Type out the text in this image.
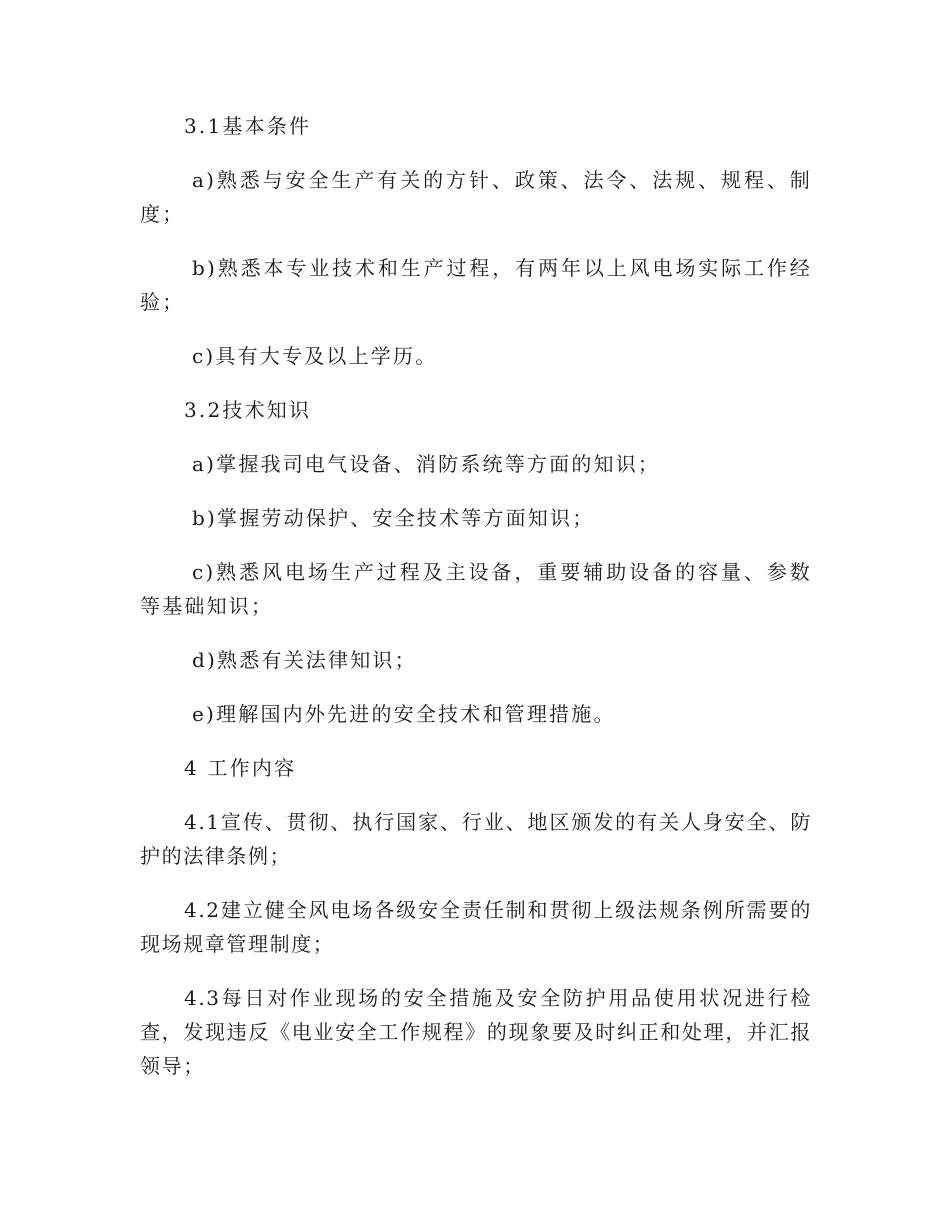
3.1基本条件

a)熟悉与安全生产有关的方针、政策、法令、法规、规程、制度；

b)熟悉本专业技术和生产过程，有两年以上风电场实际工作经验；

c)具有大专及以上学历。

3.2技术知识

a)掌握我司电气设备、消防系统等方面的知识；

b)掌握劳动保护、安全技术等方面知识；

c)熟悉风电场生产过程及主设备，重要辅助设备的容量、参数等基础知识；

d)熟悉有关法律知识；

e)理解国内外先进的安全技术和管理措施。

4 工作内容

4.1宣传、贯彻、执行国家、行业、地区颁发的有关人身安全、防护的法律条例；

4.2建立健全风电场各级安全责任制和贯彻上级法规条例所需要的现场规章管理制度；

4.3每日对作业现场的安全措施及安全防护用品使用状况进行检查，发现违反《电业安全工作规程》的现象要及时纠正和处理，并汇报领导；
